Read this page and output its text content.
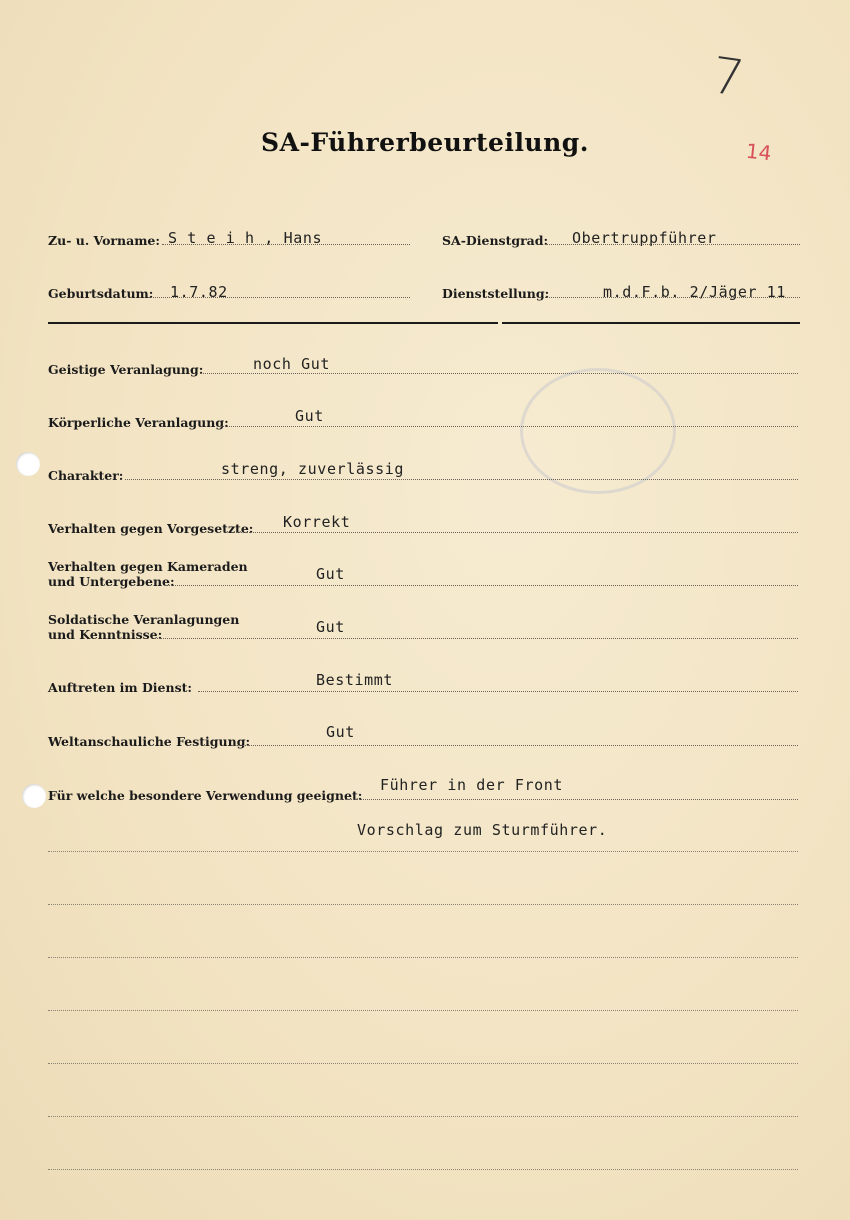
7
14
SA-Führerbeurteilung.
Zu- u. Vorname: S t e i h , Hans	SA-Dienstgrad: Obertruppführer
Geburtsdatum: 1.7.82	Dienststellung:	m.d.F.b. 2/Jäger 11
Geistige Veranlagung:	noch Gut
Körperliche Veranlagung:	Gut
Charakter:	streng, zuverlässig
Verhalten gegen Vorgesetzte: Korrekt
Verhalten gegen Kameraden
und Untergebene:	Gut
Soldatische Veranlagungen
und Kenntnisse:	Gut
Auftreten im Dienst:	Bestimmt
Weltanschauliche Festigung:
Gut
Für welche besondere Verwendung geeignet:
Führer in der Front
Vorschlag zum Sturmführer.
